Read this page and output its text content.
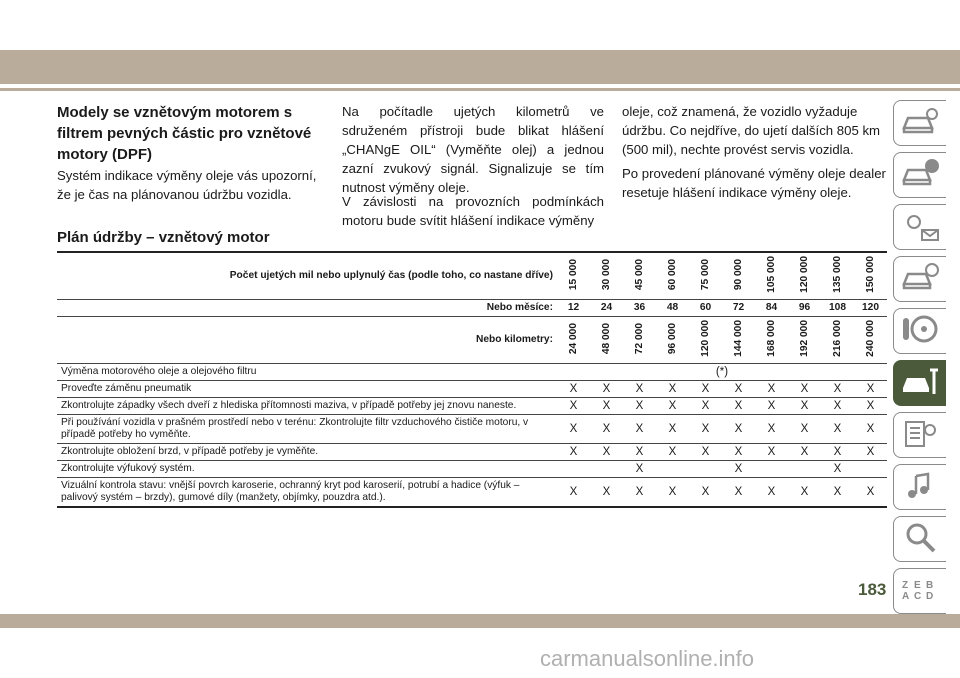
Modely se vznětovým motorem s filtrem pevných částic pro vznětové motory (DPF)

Systém indikace výměny oleje vás upozorní, že je čas na plánovanou údržbu vozidla.

Na počítadle ujetých kilometrů ve sdruženém přístroji bude blikat hlášení „CHANgE OIL“ (Vyměňte olej) a jednou zazní zvukový signál. Signalizuje se tím nutnost výměny oleje.

V závislosti na provozních podmínkách motoru bude svítit hlášení indikace výměny

oleje, což znamená, že vozidlo vyžaduje údržbu. Co nejdříve, do ujetí dalších 805 km (500 mil), nechte provést servis vozidla.

Po provedení plánované výměny oleje dealer resetuje hlášení indikace výměny oleje.

Plán údržby – vznětový motor
Počet ujetých mil nebo uplynulý čas (podle toho, co nastane dříve)	15 000	30 000	45 000	60 000	75 000	90 000	105 000	120 000	135 000	150 000
Nebo měsíce:	12	24	36	48	60	72	84	96	108	120
Nebo kilometry:	24 000	48 000	72 000	96 000	120 000	144 000	168 000	192 000	216 000	240 000
Výměna motorového oleje a olejového filtru	(*)									
Proveďte záměnu pneumatik	X	X	X	X	X	X	X	X	X	X
Zkontrolujte západky všech dveří z hlediska přítomnosti maziva, v případě potřeby jej znovu naneste.	X	X	X	X	X	X	X	X	X	X
Při používání vozidla v prašném prostředí nebo v terénu: Zkontrolujte filtr vzduchového čističe motoru, v případě potřeby ho vyměňte.	X	X	X	X	X	X	X	X	X	X
Zkontrolujte obložení brzd, v případě potřeby je vyměňte.	X	X	X	X	X	X	X	X	X	X
Zkontrolujte výfukový systém.			X			X			X	
Vizuální kontrola stavu: vnější povrch karoserie, ochranný kryt pod karoserií, potrubí a hadice (výfuk – palivový systém – brzdy), gumové díly (manžety, objímky, pouzdra atd.).	X	X	X	X	X	X	X	X	X	X
Z E B
A C D
183
carmanualsonline.info
